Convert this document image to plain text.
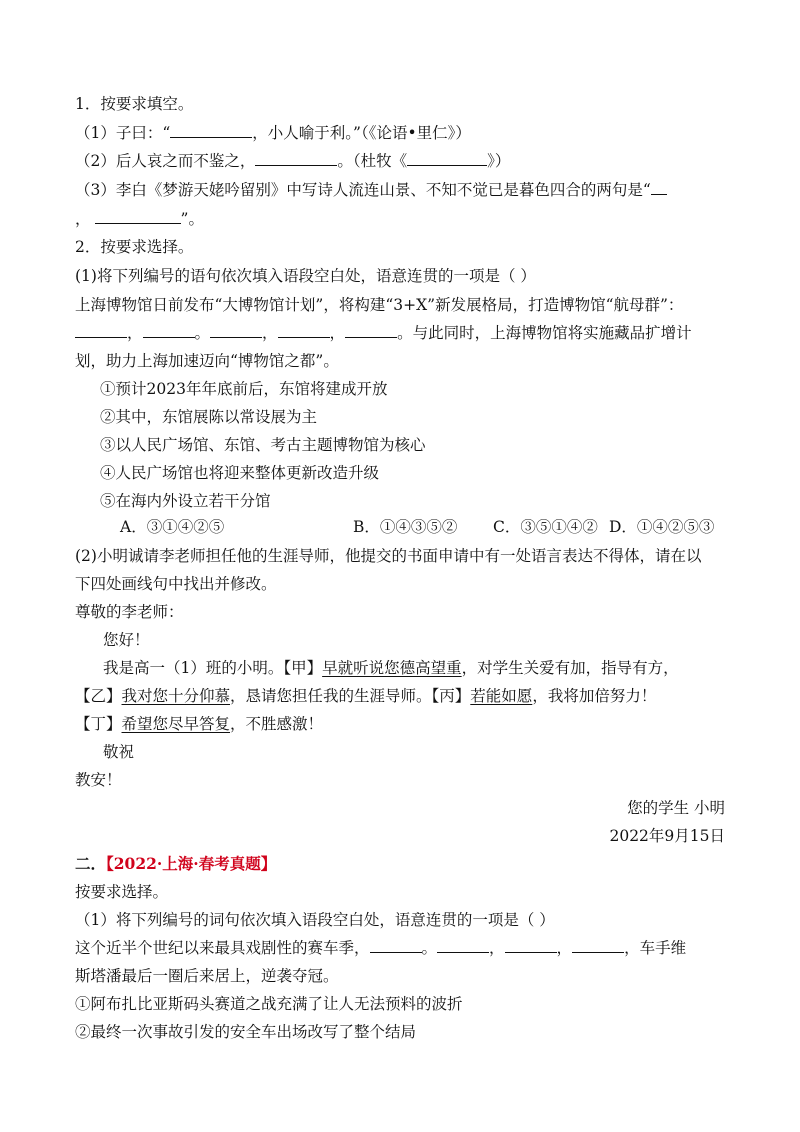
1．按要求填空。
（1）子曰：“	，小人喻于利。”（《论语•里仁》）
（2）后人哀之而不鉴之，	。（杜牧《	》）
（3）李白《梦游天姥吟留别》中写诗人流连山景、不知不觉已是暮色四合的两句是“
，	”。
2．按要求选择。
(1)将下列编号的语句依次填入语段空白处，语意连贯的一项是（ ）
上海博物馆日前发布“大博物馆计划”，将构建“3+X”新发展格局，打造博物馆“航母群”：
，	。	，	，	。与此同时，上海博物馆将实施藏品扩增计
划，助力上海加速迈向“博物馆之都”。
①预计2023年年底前后，东馆将建成开放
②其中，东馆展陈以常设展为主
③以人民广场馆、东馆、考古主题博物馆为核心
④人民广场馆也将迎来整体更新改造升级
⑤在海内外设立若干分馆
A．③①④②⑤	B．①④③⑤② C．③⑤①④② D．①④②⑤③
(2)小明诚请李老师担任他的生涯导师，他提交的书面申请中有一处语言表达不得体，请在以
下四处画线句中找出并修改。
尊敬的李老师：
您好！
我是高一（1）班的小明。【甲】早就听说您德高望重，对学生关爱有加，指导有方，
【乙】我对您十分仰慕，恳请您担任我的生涯导师。【丙】若能如愿，我将加倍努力！
【丁】希望您尽早答复，不胜感激！
敬祝
教安！
您的学生 小明
2022年9月15日
二．【2022·上海·春考真题】
按要求选择。
（1）将下列编号的词句依次填入语段空白处，语意连贯的一项是（ ）
这个近半个世纪以来最具戏剧性的赛车季，	。	，	，	，车手维
斯塔潘最后一圈后来居上，逆袭夺冠。
①阿布扎比亚斯码头赛道之战充满了让人无法预料的波折
②最终一次事故引发的安全车出场改写了整个结局
